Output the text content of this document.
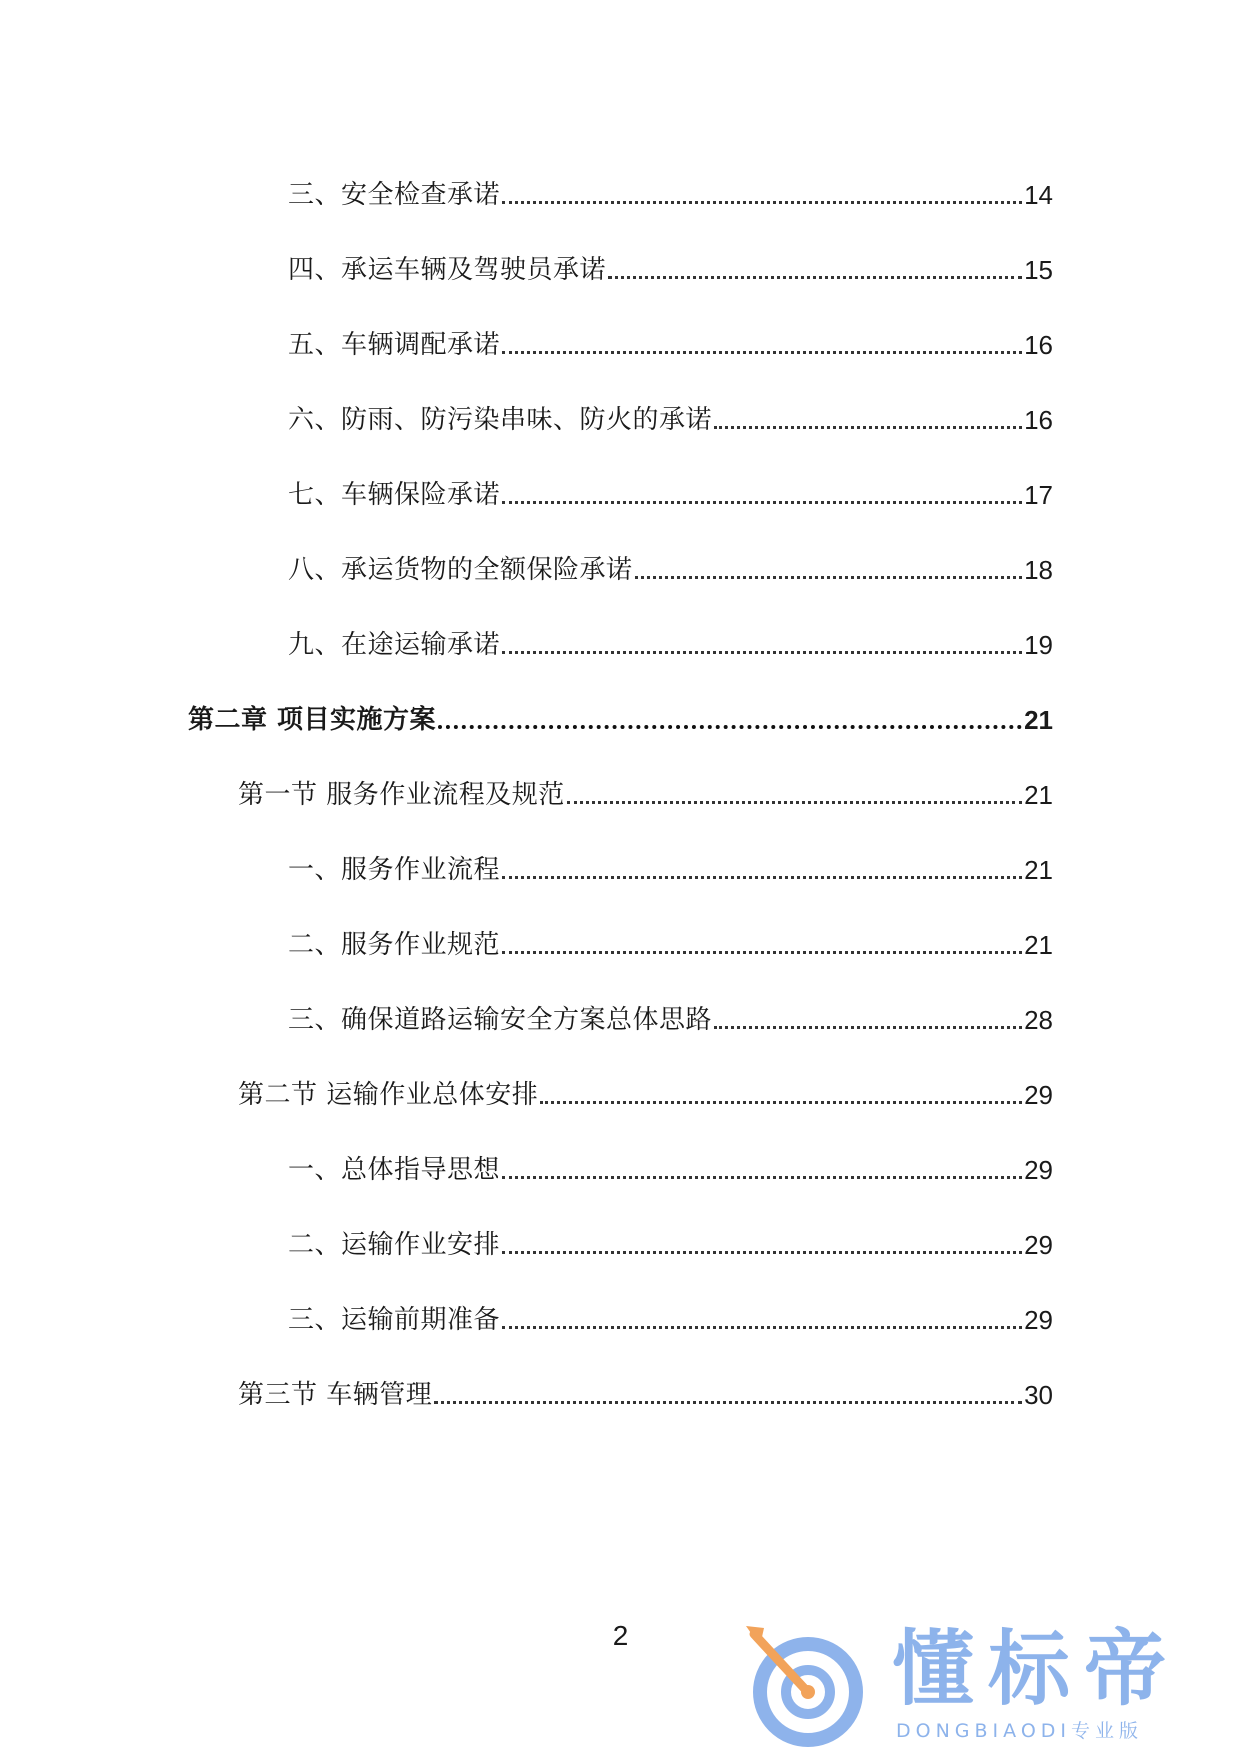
三、安全检查承诺	14
四、承运车辆及驾驶员承诺	15
五、车辆调配承诺	16
六、防雨、防污染串味、防火的承诺	16
七、车辆保险承诺	17
八、承运货物的全额保险承诺	18
九、在途运输承诺	19
第二章 项目实施方案	21
第一节 服务作业流程及规范	21
一、服务作业流程	21
二、服务作业规范	21
三、确保道路运输安全方案总体思路	28
第二节 运输作业总体安排	29
一、总体指导思想	29
二、运输作业安排	29
三、运输前期准备	29
第三节 车辆管理	30
2	懂标帝
DONGBIAODI专业版
